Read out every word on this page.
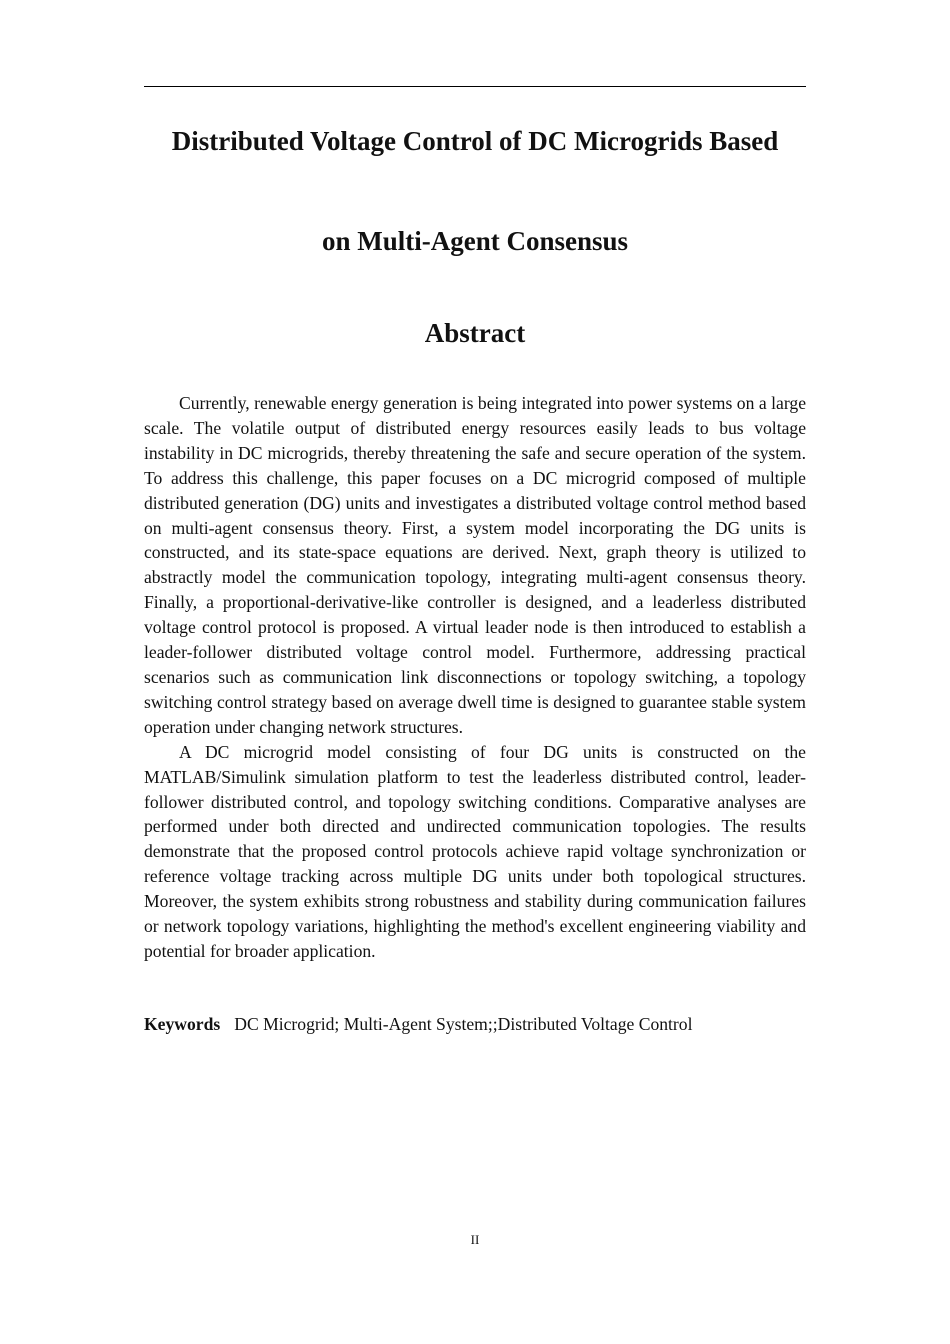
Distributed Voltage Control of DC Microgrids Based
on Multi-Agent Consensus
Abstract

Currently, renewable energy generation is being integrated into power systems on a large scale. The volatile output of distributed energy resources easily leads to bus voltage instability in DC microgrids, thereby threatening the safe and secure operation of the system. To address this challenge, this paper focuses on a DC microgrid composed of multiple distributed generation (DG) units and investigates a distributed voltage control method based on multi-agent consensus theory. First, a system model incorporating the DG units is constructed, and its state-space equations are derived. Next, graph theory is utilized to abstractly model the communication topology, integrating multi-agent consensus theory. Finally, a proportional-derivative-like controller is designed, and a leaderless distributed voltage control protocol is proposed. A virtual leader node is then introduced to establish a leader-follower distributed voltage control model. Furthermore, addressing practical scenarios such as communication link disconnections or topology switching, a topology switching control strategy based on average dwell time is designed to guarantee stable system operation under changing network structures.

A DC microgrid model consisting of four DG units is constructed on the MATLAB/Simulink simulation platform to test the leaderless distributed control, leader-follower distributed control, and topology switching conditions. Comparative analyses are performed under both directed and undirected communication topologies. The results demonstrate that the proposed control protocols achieve rapid voltage synchronization or reference voltage tracking across multiple DG units under both topological structures. Moreover, the system exhibits strong robustness and stability during communication failures or network topology variations, highlighting the method's excellent engineering viability and potential for broader application.

Keywords DC Microgrid; Multi-Agent System;;Distributed Voltage Control
II
